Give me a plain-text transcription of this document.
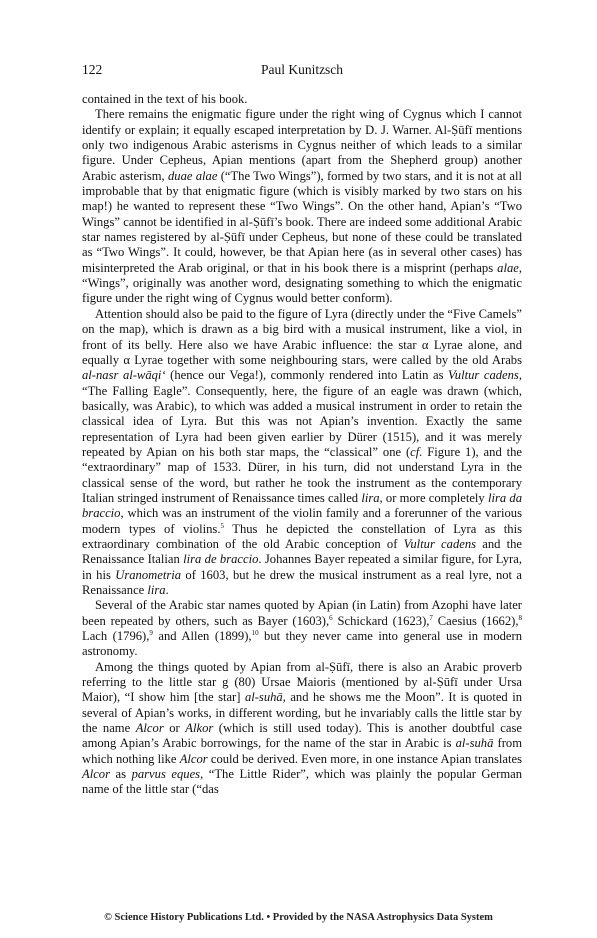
122	Paul Kunitzsch

contained in the text of his book.

There remains the enigmatic figure under the right wing of Cygnus which I cannot identify or explain; it equally escaped interpretation by D. J. Warner. Al-Ṣūfī mentions only two indigenous Arabic asterisms in Cygnus neither of which leads to a similar figure. Under Cepheus, Apian mentions (apart from the Shepherd group) another Arabic asterism, duae alae (“The Two Wings”), formed by two stars, and it is not at all improbable that by that enigmatic figure (which is visibly marked by two stars on his map!) he wanted to represent these “Two Wings”. On the other hand, Apian’s “Two Wings” cannot be identified in al-Ṣūfī’s book. There are indeed some additional Arabic star names registered by al-Ṣūfī under Cepheus, but none of these could be translated as “Two Wings”. It could, however, be that Apian here (as in several other cases) has misinterpreted the Arab original, or that in his book there is a misprint (perhaps alae, “Wings”, originally was another word, designating something to which the enigmatic figure under the right wing of Cygnus would better conform).

Attention should also be paid to the figure of Lyra (directly under the “Five Camels” on the map), which is drawn as a big bird with a musical instrument, like a viol, in front of its belly. Here also we have Arabic influence: the star α Lyrae alone, and equally α Lyrae together with some neighbouring stars, were called by the old Arabs al-nasr al-wāqi‘ (hence our Vega!), commonly rendered into Latin as Vultur cadens, “The Falling Eagle”. Consequently, here, the figure of an eagle was drawn (which, basically, was Arabic), to which was added a musical instrument in order to retain the classical idea of Lyra. But this was not Apian’s invention. Exactly the same representation of Lyra had been given earlier by Dürer (1515), and it was merely repeated by Apian on his both star maps, the “classical” one (cf. Figure 1), and the “extraordinary” map of 1533. Dürer, in his turn, did not understand Lyra in the classical sense of the word, but rather he took the instrument as the contemporary Italian stringed instrument of Renaissance times called lira, or more completely lira da braccio, which was an instrument of the violin family and a forerunner of the various modern types of violins.$^5$ Thus he depicted the constellation of Lyra as this extraordinary combination of the old Arabic conception of Vultur cadens and the Renaissance Italian lira de braccio. Johannes Bayer repeated a similar figure, for Lyra, in his Uranometria of 1603, but he drew the musical instrument as a real lyre, not a Renaissance lira.

Several of the Arabic star names quoted by Apian (in Latin) from Azophi have later been repeated by others, such as Bayer (1603),$^6$ Schickard (1623),$^7$ Caesius (1662),$^8$ Lach (1796),$^9$ and Allen (1899),$^{10}$ but they never came into general use in modern astronomy.

Among the things quoted by Apian from al-Ṣūfī, there is also an Arabic proverb referring to the little star g (80) Ursae Maioris (mentioned by al-Ṣūfī under Ursa Maior), “I show him [the star] al-suhā, and he shows me the Moon”. It is quoted in several of Apian’s works, in different wording, but he invariably calls the little star by the name Alcor or Alkor (which is still used today). This is another doubtful case among Apian’s Arabic borrowings, for the name of the star in Arabic is al-suhā from which nothing like Alcor could be derived. Even more, in one instance Apian translates Alcor as parvus eques, “The Little Rider”, which was plainly the popular German name of the little star (“das

© Science History Publications Ltd. • Provided by the NASA Astrophysics Data System
